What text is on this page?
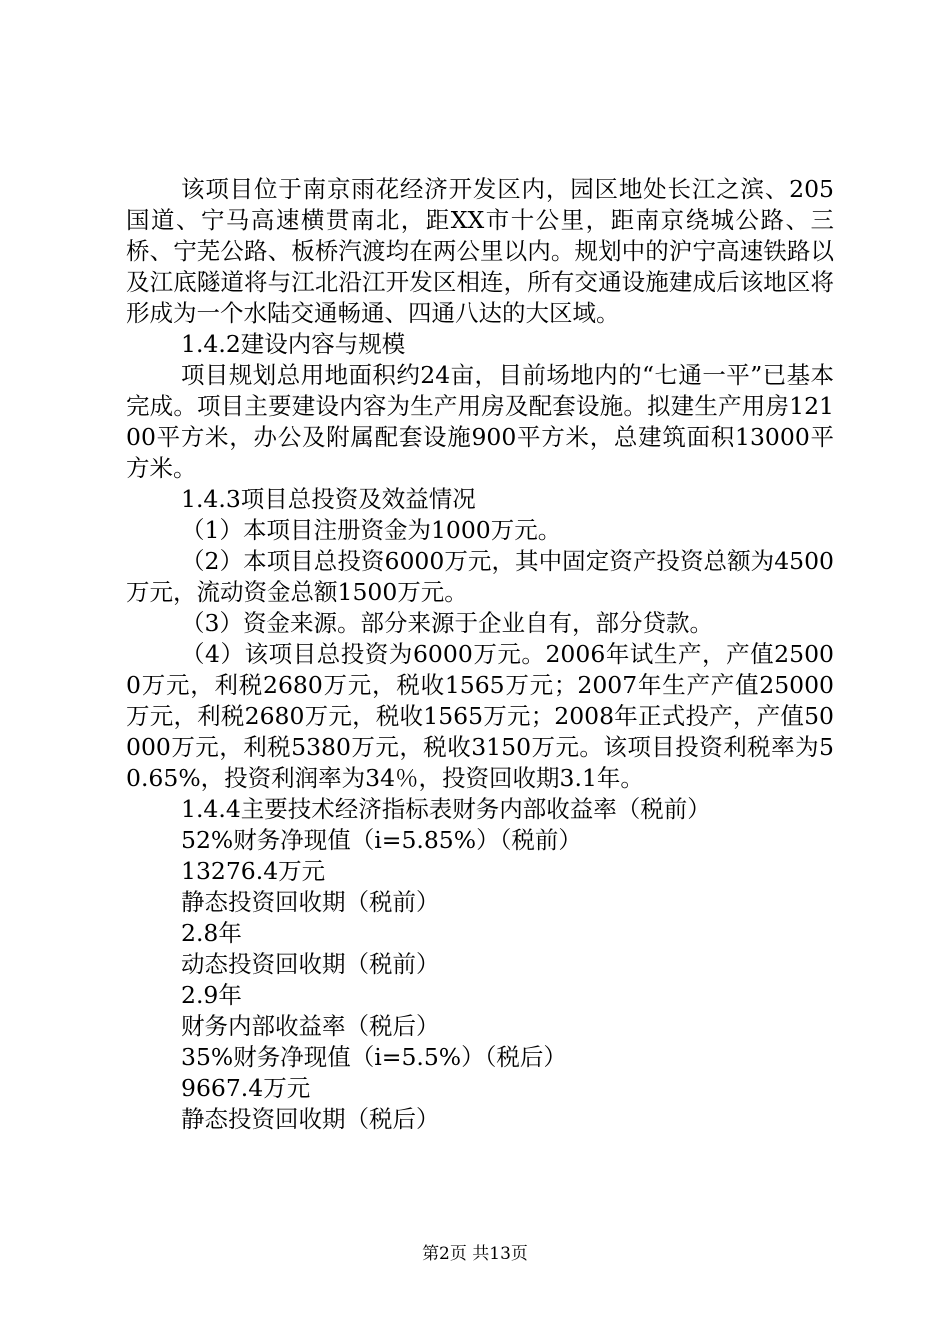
该项目位于南京雨花经济开发区内，园区地处长江之滨、205国道、宁马高速横贯南北，距XX市十公里，距南京绕城公路、三桥、宁芜公路、板桥汽渡均在两公里以内。规划中的沪宁高速铁路以及江底隧道将与江北沿江开发区相连，所有交通设施建成后该地区将形成为一个水陆交通畅通、四通八达的大区域。

1.4.2建设内容与规模

项目规划总用地面积约24亩，目前场地内的“七通一平”已基本完成。项目主要建设内容为生产用房及配套设施。拟建生产用房12100平方米，办公及附属配套设施900平方米，总建筑面积13000平方米。

1.4.3项目总投资及效益情况

（1）本项目注册资金为1000万元。

（2）本项目总投资6000万元，其中固定资产投资总额为4500万元，流动资金总额1500万元。

（3）资金来源。部分来源于企业自有，部分贷款。

（4）该项目总投资为6000万元。2006年试生产，产值25000万元，利税2680万元，税收1565万元；2007年生产产值25000万元，利税2680万元，税收1565万元；2008年正式投产，产值50000万元，利税5380万元，税收3150万元。该项目投资利税率为50.65%，投资利润率为34％，投资回收期3.1年。

1.4.4主要技术经济指标表财务内部收益率（税前）

52%财务净现值（i=5.85%）（税前）

13276.4万元

静态投资回收期（税前）

2.8年

动态投资回收期（税前）

2.9年

财务内部收益率（税后）

35%财务净现值（i=5.5%）（税后）

9667.4万元

静态投资回收期（税后）

第2页 共13页
